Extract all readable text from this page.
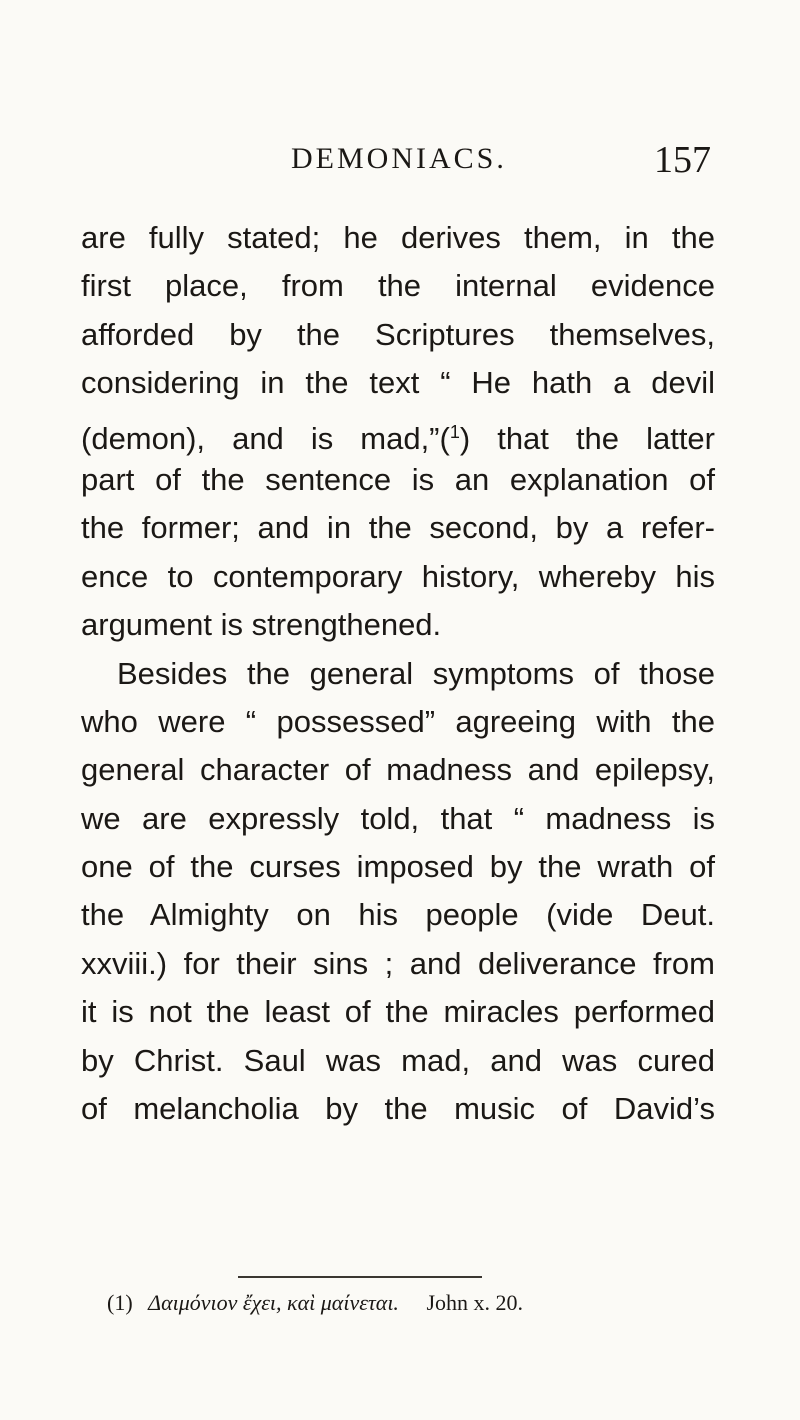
DEMONIACS.	157
are fully stated; he derives them, in the
first place, from the internal evidence
afforded by the Scriptures themselves,
considering in the text “ He hath a devil
(demon), and is mad,”($^1$) that the latter
part of the sentence is an explanation of
the former; and in the second, by a refer-
ence to contemporary history, whereby his
argument is strengthened.
Besides the general symptoms of those
who were “ possessed” agreeing with the
general character of madness and epilepsy,
we are expressly told, that “ madness is
one of the curses imposed by the wrath of
the Almighty on his people (vide Deut.
xxviii.) for their sins ; and deliverance from
it is not the least of the miracles performed
by Christ. Saul was mad, and was cured
of melancholia by the music of David’s
(1) Δαιμόνιον ἔχει, καὶ μαίνεται. John x. 20.
